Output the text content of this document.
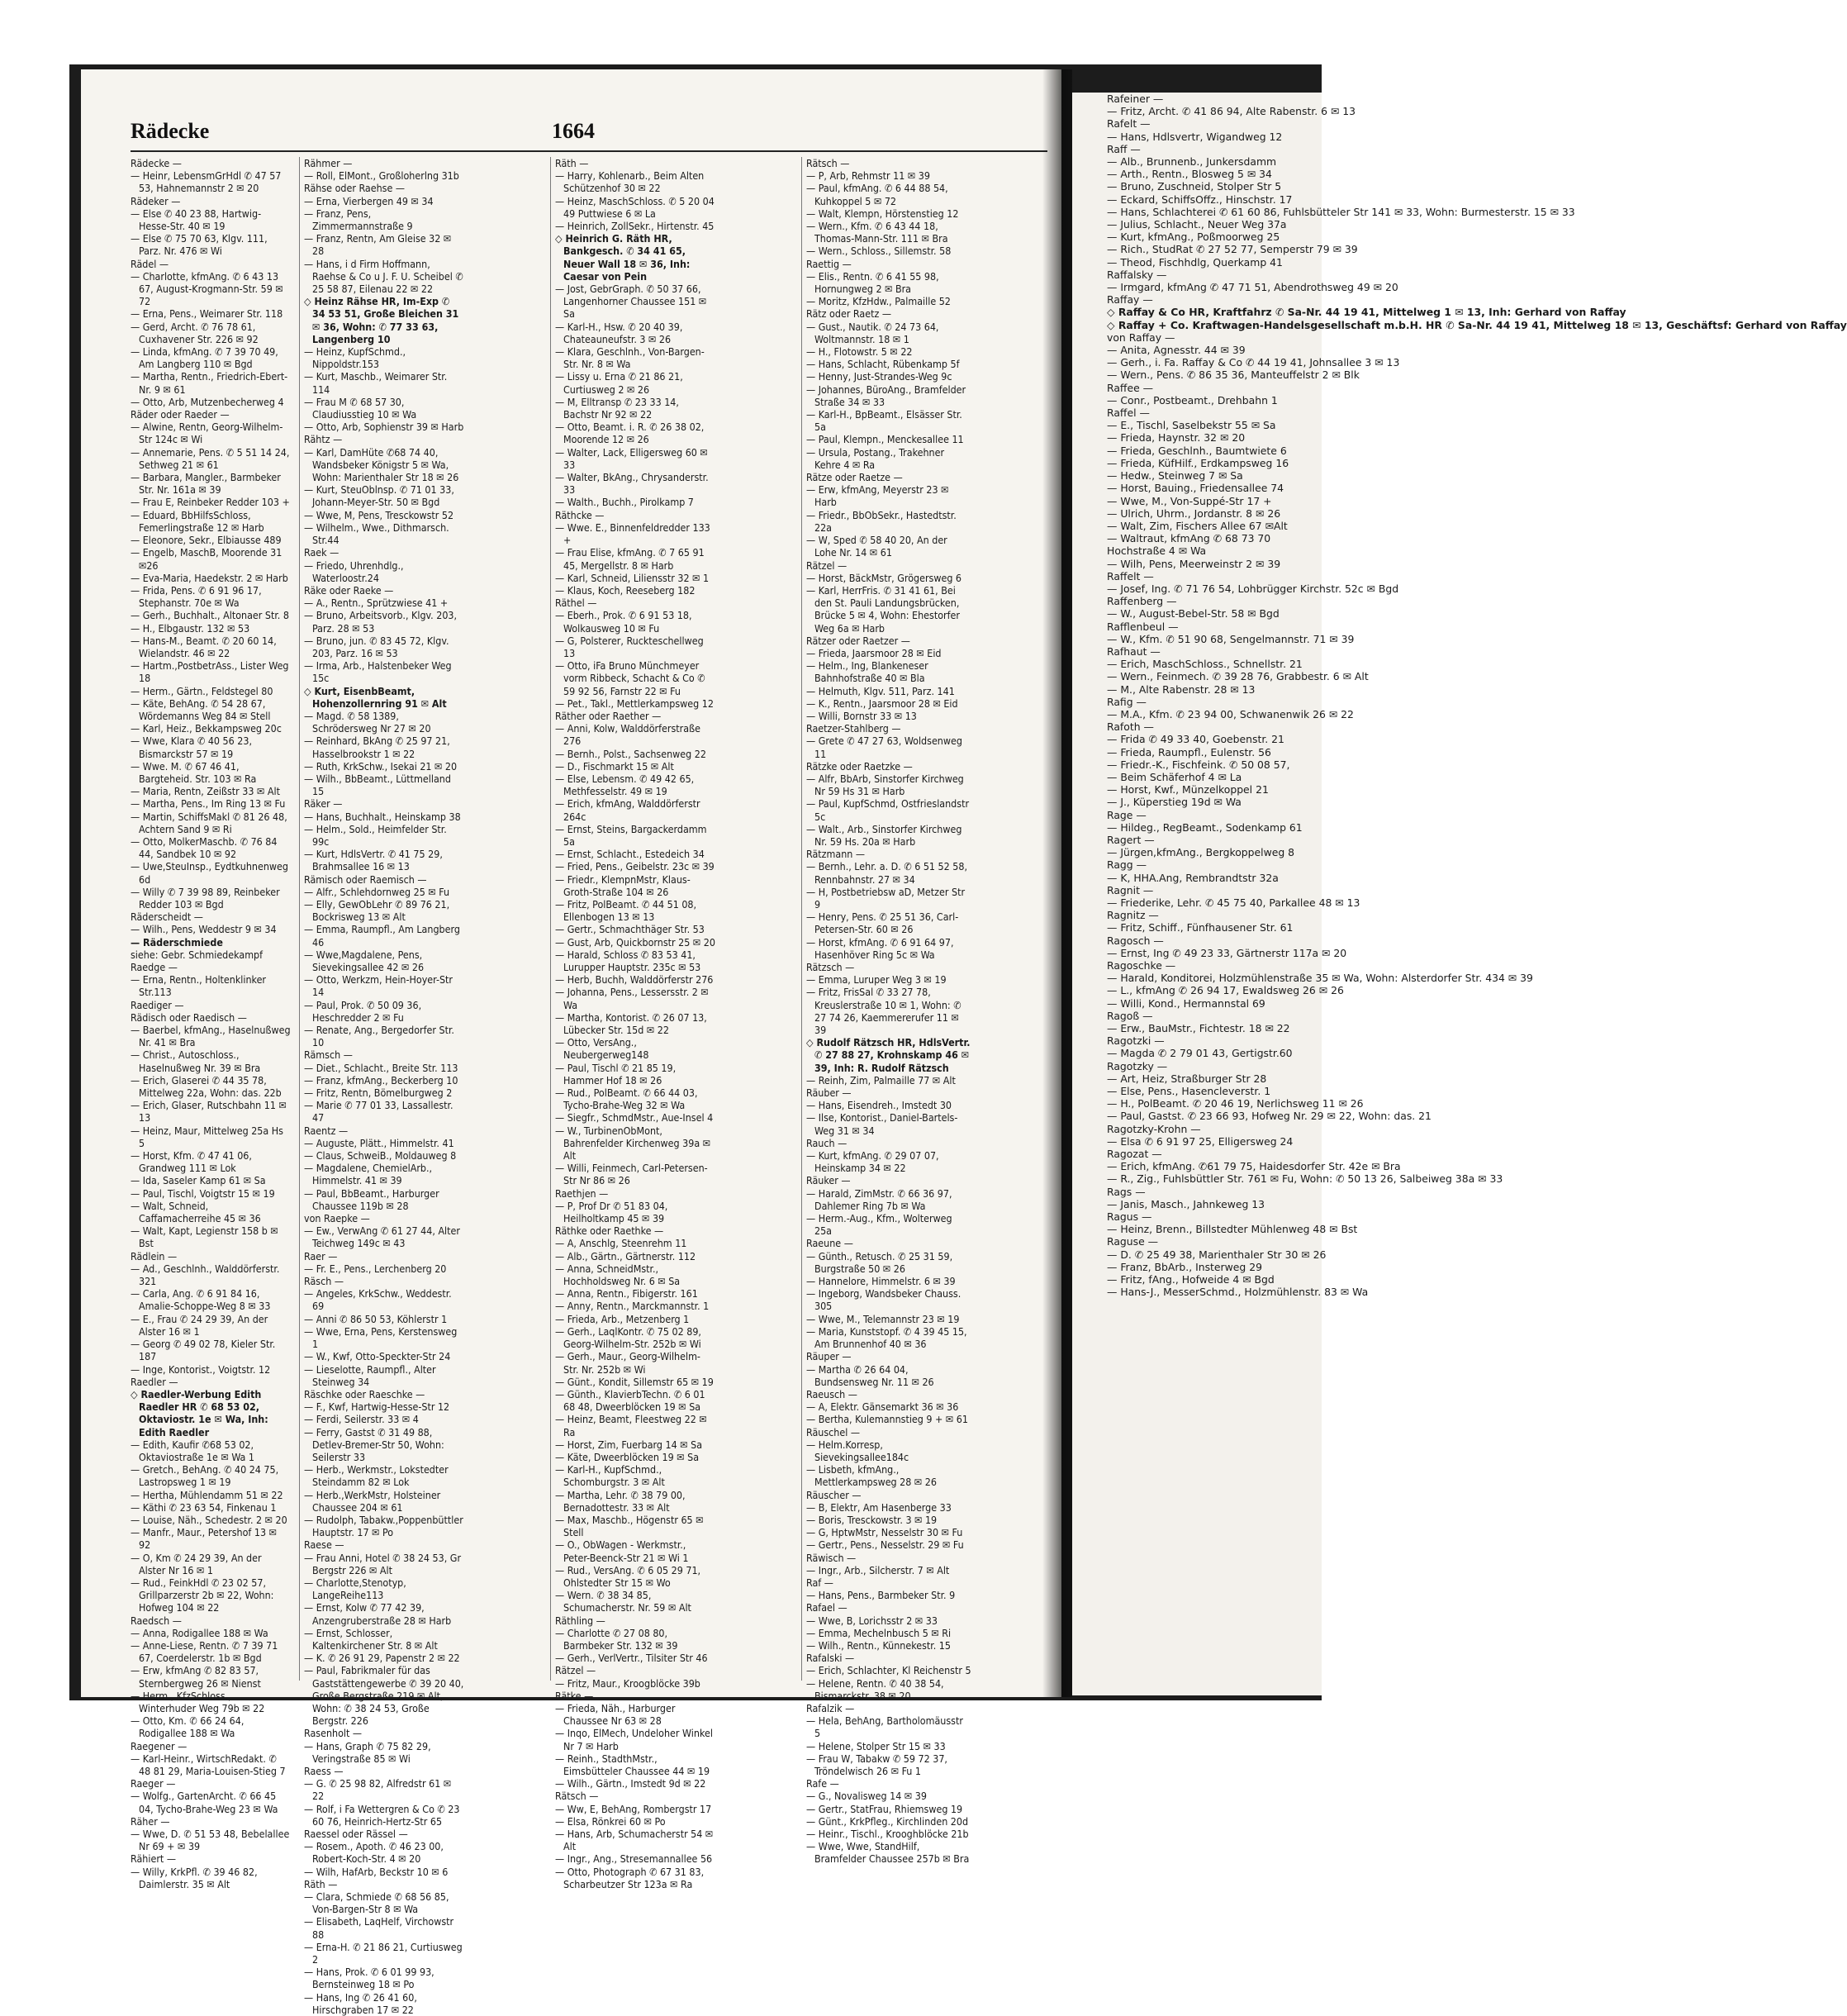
Rädecke	1664

Rädecke —

— Heinr, LebensmGrHdl ✆ 47 57 53, Hahnemannstr 2 ✉ 20

Rädeker —

— Else ✆ 40 23 88, Hartwig-Hesse-Str. 40 ✉ 19

— Else ✆ 75 70 63, Klgv. 111, Parz. Nr. 476 ✉ Wi

Rädel —

— Charlotte, kfmAng. ✆ 6 43 13 67, August-Krogmann-Str. 59 ✉ 72

— Erna, Pens., Weimarer Str. 118

— Gerd, Archt. ✆ 76 78 61, Cuxhavener Str. 226 ✉ 92

— Linda, kfmAng. ✆ 7 39 70 49, Am Langberg 110 ✉ Bgd

— Martha, Rentn., Friedrich-Ebert-Nr. 9 ✉ 61

— Otto, Arb, Mutzenbecherweg 4

Räder oder Raeder —

— Alwine, Rentn, Georg-Wilhelm-Str 124c ✉ Wi

— Annemarie, Pens. ✆ 5 51 14 24, Sethweg 21 ✉ 61

— Barbara, Mangler., Barmbeker Str. Nr. 161a ✉ 39

— Frau E, Reinbeker Redder 103 +

— Eduard, BbHilfsSchloss, Femerlingstraße 12 ✉ Harb

— Eleonore, Sekr., Elbiausse 489

— Engelb, MaschB, Moorende 31 ✉26

— Eva-Maria, Haedekstr. 2 ✉ Harb

— Frida, Pens. ✆ 6 91 96 17, Stephanstr. 70e ✉ Wa

— Gerh., Buchhalt., Altonaer Str. 8

— H., Elbgaustr. 132 ✉ 53

— Hans-M., Beamt. ✆ 20 60 14, Wielandstr. 46 ✉ 22

— Hartm.,PostbetrAss., Lister Weg 18

— Herm., Gärtn., Feldstegel 80

— Käte, BehAng. ✆ 54 28 67, Wördemanns Weg 84 ✉ Stell

— Karl, Heiz., Bekkampsweg 20c

— Wwe, Klara ✆ 40 56 23, Bismarckstr 57 ✉ 19

— Wwe. M. ✆ 67 46 41, Bargteheid. Str. 103 ✉ Ra

— Maria, Rentn, Zeißstr 33 ✉ Alt

— Martha, Pens., Im Ring 13 ✉ Fu

— Martin, SchiffsMakl ✆ 81 26 48, Achtern Sand 9 ✉ Ri

— Otto, MolkerMaschb. ✆ 76 84 44, Sandbek 10 ✉ 92

— Uwe,SteuInsp., Eydtkuhnenweg 6d

— Willy ✆ 7 39 98 89, Reinbeker Redder 103 ✉ Bgd

Räderscheidt —

— Wilh., Pens, Weddestr 9 ✉ 34

— Räderschmiede

siehe: Gebr. Schmiedekampf

Raedge —

— Erna, Rentn., Holtenklinker Str.113

Raediger —

Rädisch oder Raedisch —

— Baerbel, kfmAng., Haselnußweg Nr. 41 ✉ Bra

— Christ., Autoschloss., Haselnußweg Nr. 39 ✉ Bra

— Erich, Glaserei ✆ 44 35 78, Mittelweg 22a, Wohn: das. 22b

— Erich, Glaser, Rutschbahn 11 ✉ 13

— Heinz, Maur, Mittelweg 25a Hs 5

— Horst, Kfm. ✆ 47 41 06, Grandweg 111 ✉ Lok

— Ida, Saseler Kamp 61 ✉ Sa

— Paul, Tischl, Voigtstr 15 ✉ 19

— Walt, Schneid, Caffamacherreihe 45 ✉ 36

— Walt, Kapt, Legienstr 158 b ✉ Bst

Rädlein —

— Ad., Geschlnh., Walddörferstr. 321

— Carla, Ang. ✆ 6 91 84 16, Amalie-Schoppe-Weg 8 ✉ 33

— E., Frau ✆ 24 29 39, An der Alster 16 ✉ 1

— Georg ✆ 49 02 78, Kieler Str. 187

— Inge, Kontorist., Voigtstr. 12

Raedler —

◇ Raedler-Werbung Edith Raedler HR ✆ 68 53 02, Oktaviostr. 1e ✉ Wa, Inh: Edith Raedler

— Edith, Kaufir ✆68 53 02, Oktaviostraße 1e ✉ Wa 1

— Gretch., BehAng. ✆ 40 24 75, Lastropsweg 1 ✉ 19

— Hertha, Mühlendamm 51 ✉ 22

— Käthi ✆ 23 63 54, Finkenau 1

— Louise, Näh., Schedestr. 2 ✉ 20

— Manfr., Maur., Petershof 13 ✉ 92

— O, Km ✆ 24 29 39, An der Alster Nr 16 ✉ 1

— Rud., FeinkHdl ✆ 23 02 57, Grillparzerstr 2b ✉ 22, Wohn: Hofweg 104 ✉ 22

Raedsch —

— Anna, Rodigallee 188 ✉ Wa

— Anne-Liese, Rentn. ✆ 7 39 71 67, Coerdelerstr. 1b ✉ Bgd

— Erw, kfmAng ✆ 82 83 57, Sternbergweg 26 ✉ Nienst

— Herm., KfzSchloss., Winterhuder Weg 79b ✉ 22

— Otto, Km. ✆ 66 24 64, Rodigallee 188 ✉ Wa

Raegener —

— Karl-Heinr., WirtschRedakt. ✆ 48 81 29, Maria-Louisen-Stieg 7

Raeger —

— Wolfg., GartenArcht. ✆ 66 45 04, Tycho-Brahe-Weg 23 ✉ Wa

Räher —

— Wwe, D. ✆ 51 53 48, Bebelallee Nr 69 + ✉ 39

Rähiert —

— Willy, KrkPfl. ✆ 39 46 82, Daimlerstr. 35 ✉ Alt

Rähmer —

— Roll, ElMont., Großloherlng 31b

Rähse oder Raehse —

— Erna, Vierbergen 49 ✉ 34

— Franz, Pens, Zimmermannstraße 9

— Franz, Rentn, Am Gleise 32 ✉ 28

— Hans, i d Firm Hoffmann, Raehse & Co u J. F. U. Scheibel ✆ 25 58 87, Eilenau 22 ✉ 22

◇ Heinz Rähse HR, Im-Exp ✆ 34 53 51, Große Bleichen 31 ✉ 36, Wohn: ✆ 77 33 63, Langenberg 10

— Heinz, KupfSchmd., Nippoldstr.153

— Kurt, Maschb., Weimarer Str. 114

— Frau M ✆ 68 57 30, Claudiusstieg 10 ✉ Wa

— Otto, Arb, Sophienstr 39 ✉ Harb

Rähtz —

— Karl, DamHüte ✆68 74 40, Wandsbeker Königstr 5 ✉ Wa, Wohn: Marienthaler Str 18 ✉ 26

— Kurt, SteuOblnsp. ✆ 71 01 33, Johann-Meyer-Str. 50 ✉ Bgd

— Wwe, M, Pens, Tresckowstr 52

— Wilhelm., Wwe., Dithmarsch. Str.44

Raek —

— Friedo, Uhrenhdlg., Waterloostr.24

Räke oder Raeke —

— A., Rentn., Sprützwiese 41 +

— Bruno, Arbeitsvorb., Klgv. 203, Parz. 28 ✉ 53

— Bruno, jun. ✆ 83 45 72, Klgv. 203, Parz. 16 ✉ 53

— Irma, Arb., Halstenbeker Weg 15c

◇ Kurt, EisenbBeamt, Hohenzollernring 91 ✉ Alt

— Magd. ✆ 58 1389, Schrödersweg Nr 27 ✉ 20

— Reinhard, BkAng ✆ 25 97 21, Hasselbrookstr 1 ✉ 22

— Ruth, KrkSchw., Isekai 21 ✉ 20

— Wilh., BbBeamt., Lüttmelland 15

Räker —

— Hans, Buchhalt., Heinskamp 38

— Helm., Sold., Heimfelder Str. 99c

— Kurt, HdlsVertr. ✆ 41 75 29, Brahmsallee 16 ✉ 13

Rämisch oder Raemisch —

— Alfr., Schlehdornweg 25 ✉ Fu

— Elly, GewObLehr ✆ 89 76 21, Bockrisweg 13 ✉ Alt

— Emma, Raumpfl., Am Langberg 46

— Wwe,Magdalene, Pens, Sievekingsallee 42 ✉ 26

— Otto, Werkzm, Hein-Hoyer-Str 14

— Paul, Prok. ✆ 50 09 36, Heschredder 2 ✉ Fu

— Renate, Ang., Bergedorfer Str. 10

Rämsch —

— Diet., Schlacht., Breite Str. 113

— Franz, kfmAng., Beckerberg 10

— Fritz, Rentn, Bömelburgweg 2

— Marie ✆ 77 01 33, Lassallestr. 47

Raentz —

— Auguste, Plätt., Himmelstr. 41

— Claus, SchweiB., Moldauweg 8

— Magdalene, ChemielArb., Himmelstr. 41 ✉ 39

— Paul, BbBeamt., Harburger Chaussee 119b ✉ 28

von Raepke —

— Ew., VerwAng ✆ 61 27 44, Alter Teichweg 149c ✉ 43

Raer —

— Fr. E., Pens., Lerchenberg 20

Räsch —

— Angeles, KrkSchw., Weddestr. 69

— Anni ✆ 86 50 53, Köhlerstr 1

— Wwe, Erna, Pens, Kerstensweg 1

— W., Kwf, Otto-Speckter-Str 24

— Lieselotte, Raumpfl., Alter Steinweg 34

Räschke oder Raeschke —

— F., Kwf, Hartwig-Hesse-Str 12

— Ferdi, Seilerstr. 33 ✉ 4

— Ferry, Gastst ✆ 31 49 88, Detlev-Bremer-Str 50, Wohn: Seilerstr 33

— Herb., Werkmstr., Lokstedter Steindamm 82 ✉ Lok

— Herb.,WerkMstr, Holsteiner Chaussee 204 ✉ 61

— Rudolph, Tabakw.,Poppenbüttler Hauptstr. 17 ✉ Po

Raese —

— Frau Anni, Hotel ✆ 38 24 53, Gr Bergstr 226 ✉ Alt

— Charlotte,Stenotyp, LangeReihe113

— Ernst, Kolw ✆ 77 42 39, Anzengruberstraße 28 ✉ Harb

— Ernst, Schlosser, Kaltenkirchener Str. 8 ✉ Alt

— K. ✆ 26 91 29, Papenstr 2 ✉ 22

— Paul, Fabrikmaler für das Gaststättengewerbe ✆ 39 20 40, Große Bergstraße 219 ✉ Alt, Wohn: ✆ 38 24 53, Große Bergstr. 226

Rasenholt —

— Hans, Graph ✆ 75 82 29, Veringstraße 85 ✉ Wi

Raess —

— G. ✆ 25 98 82, Alfredstr 61 ✉ 22

— Rolf, i Fa Wettergren & Co ✆ 23 60 76, Heinrich-Hertz-Str 65

Raessel oder Rässel —

— Rosem., Apoth. ✆ 46 23 00, Robert-Koch-Str. 4 ✉ 20

— Wilh, HafArb, Beckstr 10 ✉ 6

Räth —

— Clara, Schmiede ✆ 68 56 85, Von-Bargen-Str 8 ✉ Wa

— Elisabeth, LaqHelf, Virchowstr 88

— Erna-H. ✆ 21 86 21, Curtiusweg 2

— Hans, Prok. ✆ 6 01 99 93, Bernsteinweg 18 ✉ Po

— Hans, Ing ✆ 26 41 60, Hirschgraben 17 ✉ 22

Räth —

— Harry, Kohlenarb., Beim Alten Schützenhof 30 ✉ 22

— Heinz, MaschSchloss. ✆ 5 20 04 49 Puttwiese 6 ✉ La

— Heinrich, ZollSekr., Hirtenstr. 45

◇ Heinrich G. Räth HR, Bankgesch. ✆ 34 41 65, Neuer Wall 18 ✉ 36, Inh: Caesar von Pein

— Jost, GebrGraph. ✆ 50 37 66, Langenhorner Chaussee 151 ✉ Sa

— Karl-H., Hsw. ✆ 20 40 39, Chateauneufstr. 3 ✉ 26

— Klara, Geschlnh., Von-Bargen-Str. Nr. 8 ✉ Wa

— Lissy u. Erna ✆ 21 86 21, Curtiusweg 2 ✉ 26

— M, Elltransp ✆ 23 33 14, Bachstr Nr 92 ✉ 22

— Otto, Beamt. i. R. ✆ 26 38 02, Moorende 12 ✉ 26

— Walter, Lack, Elligersweg 60 ✉ 33

— Walter, BkAng., Chrysanderstr. 33

— Walth., Buchh., Pirolkamp 7

Räthcke —

— Wwe. E., Binnenfeldredder 133 +

— Frau Elise, kfmAng. ✆ 7 65 91 45, Mergellstr. 8 ✉ Harb

— Karl, Schneid, Liliensstr 32 ✉ 1

— Klaus, Koch, Reeseberg 182

Räthel —

— Eberh., Prok. ✆ 6 91 53 18, Wolkausweg 10 ✉ Fu

— G, Polsterer, Ruckteschellweg 13

— Otto, iFa Bruno Münchmeyer vorm Ribbeck, Schacht & Co ✆ 59 92 56, Farnstr 22 ✉ Fu

— Pet., Takl., Mettlerkampsweg 12

Räther oder Raether —

— Anni, Kolw, Walddörferstraße 276

— Bernh., Polst., Sachsenweg 22

— D., Fischmarkt 15 ✉ Alt

— Else, Lebensm. ✆ 49 42 65, Methfesselstr. 49 ✉ 19

— Erich, kfmAng, Walddörferstr 264c

— Ernst, Steins, Bargackerdamm 5a

— Ernst, Schlacht., Estedeich 34

— Fried, Pens., Geibelstr. 23c ✉ 39

— Friedr., KlempnMstr, Klaus-Groth-Straße 104 ✉ 26

— Fritz, PolBeamt. ✆ 44 51 08, Ellenbogen 13 ✉ 13

— Gertr., Schmachthäger Str. 53

— Gust, Arb, Quickbornstr 25 ✉ 20

— Harald, Schloss ✆ 83 53 41, Lurupper Hauptstr. 235c ✉ 53

— Herb, Buchh, Walddörferstr 276

— Johanna, Pens., Lessersstr. 2 ✉ Wa

— Martha, Kontorist. ✆ 26 07 13, Lübecker Str. 15d ✉ 22

— Otto, VersAng., Neubergerweg148

— Paul, Tischl ✆ 21 85 19, Hammer Hof 18 ✉ 26

— Rud., PolBeamt. ✆ 66 44 03, Tycho-Brahe-Weg 32 ✉ Wa

— Siegfr., SchmdMstr., Aue-Insel 4

— W., TurbinenObMont, Bahrenfelder Kirchenweg 39a ✉ Alt

— Willi, Feinmech, Carl-Petersen-Str Nr 86 ✉ 26

Raethjen —

— P, Prof Dr ✆ 51 83 04, Heilholtkamp 45 ✉ 39

Räthke oder Raethke —

— A, Anschlg, Steenrehm 11

— Alb., Gärtn., Gärtnerstr. 112

— Anna, SchneidMstr., Hochholdsweg Nr. 6 ✉ Sa

— Anna, Rentn., Fibigerstr. 161

— Anny, Rentn., Marckmannstr. 1

— Frieda, Arb., Metzenberg 1

— Gerh., LaqlKontr. ✆ 75 02 89, Georg-Wilhelm-Str. 252b ✉ Wi

— Gerh., Maur., Georg-Wilhelm-Str. Nr. 252b ✉ Wi

— Günt., Kondit, Sillemstr 65 ✉ 19

— Günth., KlavierbTechn. ✆ 6 01 68 48, Dweerblöcken 19 ✉ Sa

— Heinz, Beamt, Fleestweg 22 ✉ Ra

— Horst, Zim, Fuerbarg 14 ✉ Sa

— Käte, Dweerblöcken 19 ✉ Sa

— Karl-H., KupfSchmd., Schomburgstr. 3 ✉ Alt

— Martha, Lehr. ✆ 38 79 00, Bernadottestr. 33 ✉ Alt

— Max, Maschb., Högenstr 65 ✉Stell

— O., ObWagen - Werkmstr., Peter-Beenck-Str 21 ✉ Wi 1

— Rud., VersAng. ✆ 6 05 29 71, Ohlstedter Str 15 ✉ Wo

— Wern. ✆ 38 34 85, Schumacherstr. Nr. 59 ✉ Alt

Räthling —

— Charlotte ✆ 27 08 80, Barmbeker Str. 132 ✉ 39

— Gerh., VerlVertr., Tilsiter Str 46

Rätzel —

— Fritz, Maur., Kroogblöcke 39b

Rätke —

— Frieda, Näh., Harburger Chaussee Nr 63 ✉ 28

— Inqo, ElMech, Undeloher Winkel Nr 7 ✉ Harb

— Reinh., StadthMstr., Eimsbütteler Chaussee 44 ✉ 19

— Wilh., Gärtn., Imstedt 9d ✉ 22

Rätsch —

— Ww, E, BehAng, Rombergstr 17

— Elsa, Rönkrei 60 ✉ Po

— Hans, Arb, Schumacherstr 54 ✉Alt

— Ingr., Ang., Stresemannallee 56

— Otto, Photograph ✆ 67 31 83, Scharbeutzer Str 123a ✉ Ra

Rätsch —

— P, Arb, Rehmstr 11 ✉ 39

— Paul, kfmAng. ✆ 6 44 88 54, Kuhkoppel 5 ✉ 72

— Walt, Klempn, Hörstenstieg 12

— Wern., Kfm. ✆ 6 43 44 18, Thomas-Mann-Str. 111 ✉ Bra

— Wern., Schloss., Sillemstr. 58

Raettig —

— Elis., Rentn. ✆ 6 41 55 98, Hornungweg 2 ✉ Bra

— Moritz, KfzHdw., Palmaille 52

Rätz oder Raetz —

— Gust., Nautik. ✆ 24 73 64, Woltmannstr. 18 ✉ 1

— H., Flotowstr. 5 ✉ 22

— Hans, Schlacht, Rübenkamp 5f

— Henny, Just-Strandes-Weg 9c

— Johannes, BüroAng., Bramfelder Straße 34 ✉ 33

— Karl-H., BpBeamt., Elsässer Str. 5a

— Paul, Klempn., Menckesallee 11

— Ursula, Postang., Trakehner Kehre 4 ✉ Ra

Rätze oder Raetze —

— Erw, kfmAng, Meyerstr 23 ✉ Harb

— Friedr., BbObSekr., Hastedtstr. 22a

— W, Sped ✆ 58 40 20, An der Lohe Nr. 14 ✉ 61

Rätzel —

— Horst, BäckMstr, Grögersweg 6

— Karl, HerrFris. ✆ 31 41 61, Bei den St. Pauli Landungsbrücken, Brücke 5 ✉ 4, Wohn: Ehestorfer Weg 6a ✉ Harb

Rätzer oder Raetzer —

— Frieda, Jaarsmoor 28 ✉ Eid

— Helm., Ing, Blankeneser Bahnhofstraße 40 ✉ Bla

— Helmuth, Klgv. 511, Parz. 141

— K., Rentn., Jaarsmoor 28 ✉ Eid

— Willi, Bornstr 33 ✉ 13

Raetzer-Stahlberg —

— Grete ✆ 47 27 63, Woldsenweg 11

Rätzke oder Raetzke —

— Alfr, BbArb, Sinstorfer Kirchweg Nr 59 Hs 31 ✉ Harb

— Paul, KupfSchmd, Ostfrieslandstr 5c

— Walt., Arb., Sinstorfer Kirchweg Nr. 59 Hs. 20a ✉ Harb

Rätzmann —

— Bernh., Lehr. a. D. ✆ 6 51 52 58, Rennbahnstr. 27 ✉ 34

— H, Postbetriebsw aD, Metzer Str 9

— Henry, Pens. ✆ 25 51 36, Carl-Petersen-Str. 60 ✉ 26

— Horst, kfmAng. ✆ 6 91 64 97, Hasenhöver Ring 5c ✉ Wa

Rätzsch —

— Emma, Luruper Weg 3 ✉ 19

— Fritz, FrisSal ✆ 33 27 78, Kreuslerstraße 10 ✉ 1, Wohn: ✆ 27 74 26, Kaemmererufer 11 ✉ 39

◇ Rudolf Rätzsch HR, HdlsVertr. ✆ 27 88 27, Krohnskamp 46 ✉ 39, Inh: R. Rudolf Rätzsch

— Reinh, Zim, Palmaille 77 ✉ Alt

Räuber —

— Hans, Eisendreh., Imstedt 30

— Ilse, Kontorist., Daniel-Bartels-Weg 31 ✉ 34

Rauch —

— Kurt, kfmAng. ✆ 29 07 07, Heinskamp 34 ✉ 22

Räuker —

— Harald, ZimMstr. ✆ 66 36 97, Dahlemer Ring 7b ✉ Wa

— Herm.-Aug., Kfm., Wolterweg 25a

Raeune —

— Günth., Retusch. ✆ 25 31 59, Burgstraße 50 ✉ 26

— Hannelore, Himmelstr. 6 ✉ 39

— Ingeborg, Wandsbeker Chauss. 305

— Wwe, M., Telemannstr 23 ✉ 19

— Maria, Kunststopf. ✆ 4 39 45 15, Am Brunnenhof 40 ✉ 36

Räuper —

— Martha ✆ 26 64 04, Bundsensweg Nr. 11 ✉ 26

Raeusch —

— A, Elektr. Gänsemarkt 36 ✉ 36

— Bertha, Kulemannstieg 9 + ✉ 61

Räuschel —

— Helm.Korresp, Sievekingsallee184c

— Lisbeth, kfmAng., Mettlerkampsweg 28 ✉ 26

Räuscher —

— B, Elektr, Am Hasenberge 33

— Boris, Tresckowstr. 3 ✉ 19

— G, HptwMstr, Nesselstr 30 ✉ Fu

— Gertr., Pens., Nesselstr. 29 ✉ Fu

Räwisch —

— Ingr., Arb., Silcherstr. 7 ✉ Alt

Raf —

— Hans, Pens., Barmbeker Str. 9

Rafael —

— Wwe, B, Lorichsstr 2 ✉ 33

— Emma, Mechelnbusch 5 ✉ Ri

— Wilh., Rentn., Künnekestr. 15

Rafalski —

— Erich, Schlachter, Kl Reichenstr 5

— Helene, Rentn. ✆ 40 38 54, Bismarckstr. 38 ✉ 20

Rafalzik —

— Hela, BehAng, Bartholomäusstr 5

— Helene, Stolper Str 15 ✉ 33

— Frau W, Tabakw ✆ 59 72 37, Tröndelwisch 26 ✉ Fu 1

Rafe —

— G., Novalisweg 14 ✉ 39

— Gertr., StatFrau, Rhiemsweg 19

— Günt., KrkPfleg., Kirchlinden 20d

— Heinr., Tischl., Krooghblöcke 21b

— Wwe, Wwe, StandHilf, Bramfelder Chaussee 257b ✉ Bra

Rafeiner —

— Fritz, Archt. ✆ 41 86 94, Alte Rabenstr. 6 ✉ 13

Rafelt —

— Hans, Hdlsvertr, Wigandweg 12

Raff —

— Alb., Brunnenb., Junkersdamm

— Arth., Rentn., Blosweg 5 ✉ 34

— Bruno, Zuschneid, Stolper Str 5

— Eckard, SchiffsOffz., Hinschstr. 17

— Hans, Schlachterei ✆ 61 60 86, Fuhlsbütteler Str 141 ✉ 33, Wohn: Burmesterstr. 15 ✉ 33

— Julius, Schlacht., Neuer Weg 37a

— Kurt, kfmAng., Poßmoorweg 25

— Rich., StudRat ✆ 27 52 77, Semperstr 79 ✉ 39

— Theod, Fischhdlg, Querkamp 41

Raffalsky —

— Irmgard, kfmAng ✆ 47 71 51, Abendrothsweg 49 ✉ 20

Raffay —

◇ Raffay & Co HR, Kraftfahrz ✆ Sa-Nr. 44 19 41, Mittelweg 1 ✉ 13, Inh: Gerhard von Raffay

◇ Raffay + Co. Kraftwagen-Handelsgesellschaft m.b.H. HR ✆ Sa-Nr. 44 19 41, Mittelweg 18 ✉ 13, Geschäftsf: Gerhard von Raffay

von Raffay —

— Anita, Agnesstr. 44 ✉ 39

— Gerh., i. Fa. Raffay & Co ✆ 44 19 41, Johnsallee 3 ✉ 13

— Wern., Pens. ✆ 86 35 36, Manteuffelstr 2 ✉ Blk

Raffee —

— Conr., Postbeamt., Drehbahn 1

Raffel —

— E., Tischl, Saselbekstr 55 ✉ Sa

— Frieda, Haynstr. 32 ✉ 20

— Frieda, Geschlnh., Baumtwiete 6

— Frieda, KüfHilf., Erdkampsweg 16

— Hedw., Steinweg 7 ✉ Sa

— Horst, Bauing., Friedensallee 74

— Wwe, M., Von-Suppé-Str 17 +

— Ulrich, Uhrm., Jordanstr. 8 ✉ 26

— Walt, Zim, Fischers Allee 67 ✉Alt

— Waltraut, kfmAng ✆ 68 73 70

Hochstraße 4 ✉ Wa

— Wilh, Pens, Meerweinstr 2 ✉ 39

Raffelt —

— Josef, Ing. ✆ 71 76 54, Lohbrügger Kirchstr. 52c ✉ Bgd

Raffenberg —

— W., August-Bebel-Str. 58 ✉ Bgd

Rafflenbeul —

— W., Kfm. ✆ 51 90 68, Sengelmannstr. 71 ✉ 39

Rafhaut —

— Erich, MaschSchloss., Schnellstr. 21

— Wern., Feinmech. ✆ 39 28 76, Grabbestr. 6 ✉ Alt

— M., Alte Rabenstr. 28 ✉ 13

Rafig —

— M.A., Kfm. ✆ 23 94 00, Schwanenwik 26 ✉ 22

Rafoth —

— Frida ✆ 49 33 40, Goebenstr. 21

— Frieda, Raumpfl., Eulenstr. 56

— Friedr.-K., Fischfeink. ✆ 50 08 57,

— Beim Schäferhof 4 ✉ La

— Horst, Kwf., Münzelkoppel 21

— J., Küperstieg 19d ✉ Wa

Rage —

— Hildeg., RegBeamt., Sodenkamp 61

Ragert —

— Jürgen,kfmAng., Bergkoppelweg 8

Ragg —

— K, HHA.Ang, Rembrandtstr 32a

Ragnit —

— Friederike, Lehr. ✆ 45 75 40, Parkallee 48 ✉ 13

Ragnitz —

— Fritz, Schiff., Fünfhausener Str. 61

Ragosch —

— Ernst, Ing ✆ 49 23 33, Gärtnerstr 117a ✉ 20

Ragoschke —

— Harald, Konditorei, Holzmühlenstraße 35 ✉ Wa, Wohn: Alsterdorfer Str. 434 ✉ 39

— L., kfmAng ✆ 26 94 17, Ewaldsweg 26 ✉ 26

— Willi, Kond., Hermannstal 69

Ragoß —

— Erw., BauMstr., Fichtestr. 18 ✉ 22

Ragotzki —

— Magda ✆ 2 79 01 43, Gertigstr.60

Ragotzky —

— Art, Heiz, Straßburger Str 28

— Else, Pens., Hasencleverstr. 1

— H., PolBeamt. ✆ 20 46 19, Nerlichsweg 11 ✉ 26

— Paul, Gastst. ✆ 23 66 93, Hofweg Nr. 29 ✉ 22, Wohn: das. 21

Ragotzky-Krohn —

— Elsa ✆ 6 91 97 25, Elligersweg 24

Ragozat —

— Erich, kfmAng. ✆61 79 75, Haidesdorfer Str. 42e ✉ Bra

— R., Zig., Fuhlsbüttler Str. 761 ✉ Fu, Wohn: ✆ 50 13 26, Salbeiweg 38a ✉ 33

Rags —

— Janis, Masch., Jahnkeweg 13

Ragus —

— Heinz, Brenn., Billstedter Mühlenweg 48 ✉ Bst

Raguse —

— D. ✆ 25 49 38, Marienthaler Str 30 ✉ 26

— Franz, BbArb., Insterweg 29

— Fritz, fAng., Hofweide 4 ✉ Bgd

— Hans-J., MesserSchmd., Holzmühlenstr. 83 ✉ Wa
